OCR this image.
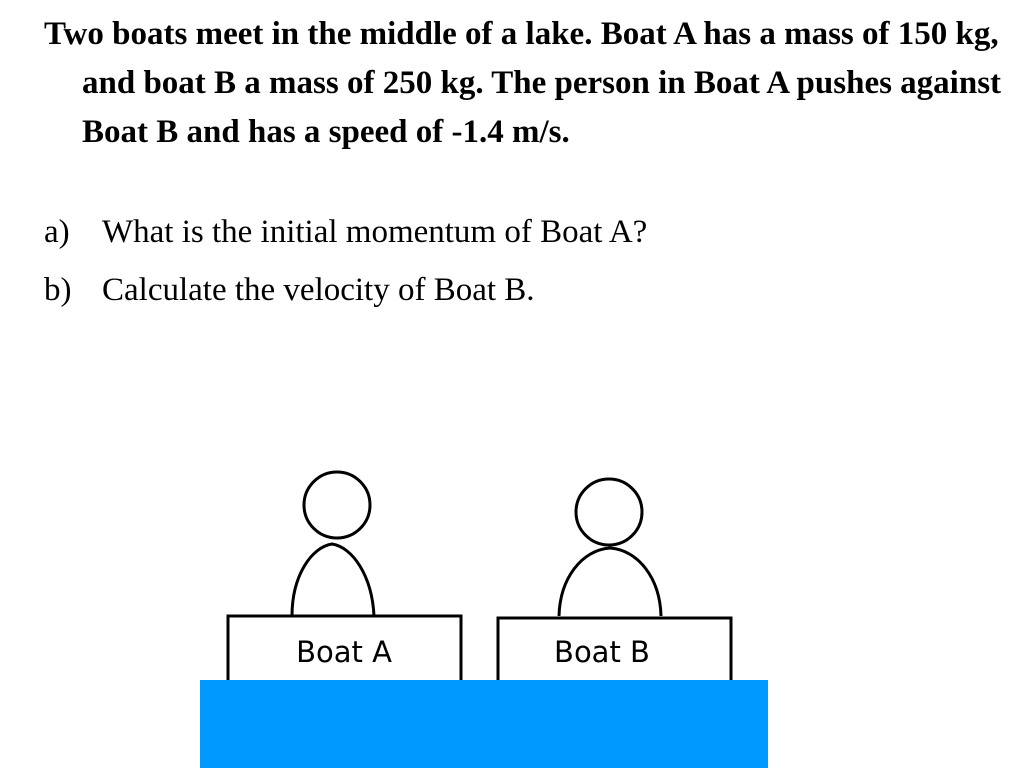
Two boats meet in the middle of a lake. Boat A has a mass of 150 kg, and boat B a mass of 250 kg. The person in Boat A pushes against Boat B and has a speed of -1.4 m/s.
a) What is the initial momentum of Boat A?
b) Calculate the velocity of Boat B.
Boat A	Boat B
